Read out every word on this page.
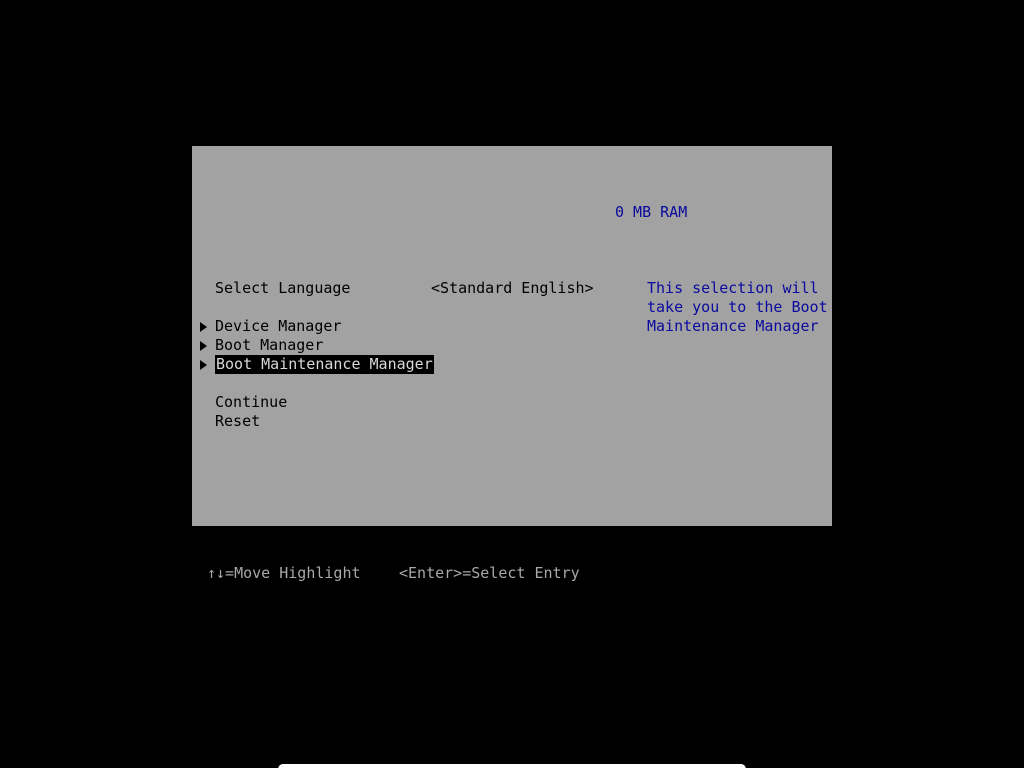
0 MB RAM
Select Language	<Standard English>	This selection will
take you to the Boot
Maintenance Manager
Device Manager
Boot Manager
Boot Maintenance Manager
Continue
Reset
↑↓=Move Highlight	<Enter>=Select Entry
